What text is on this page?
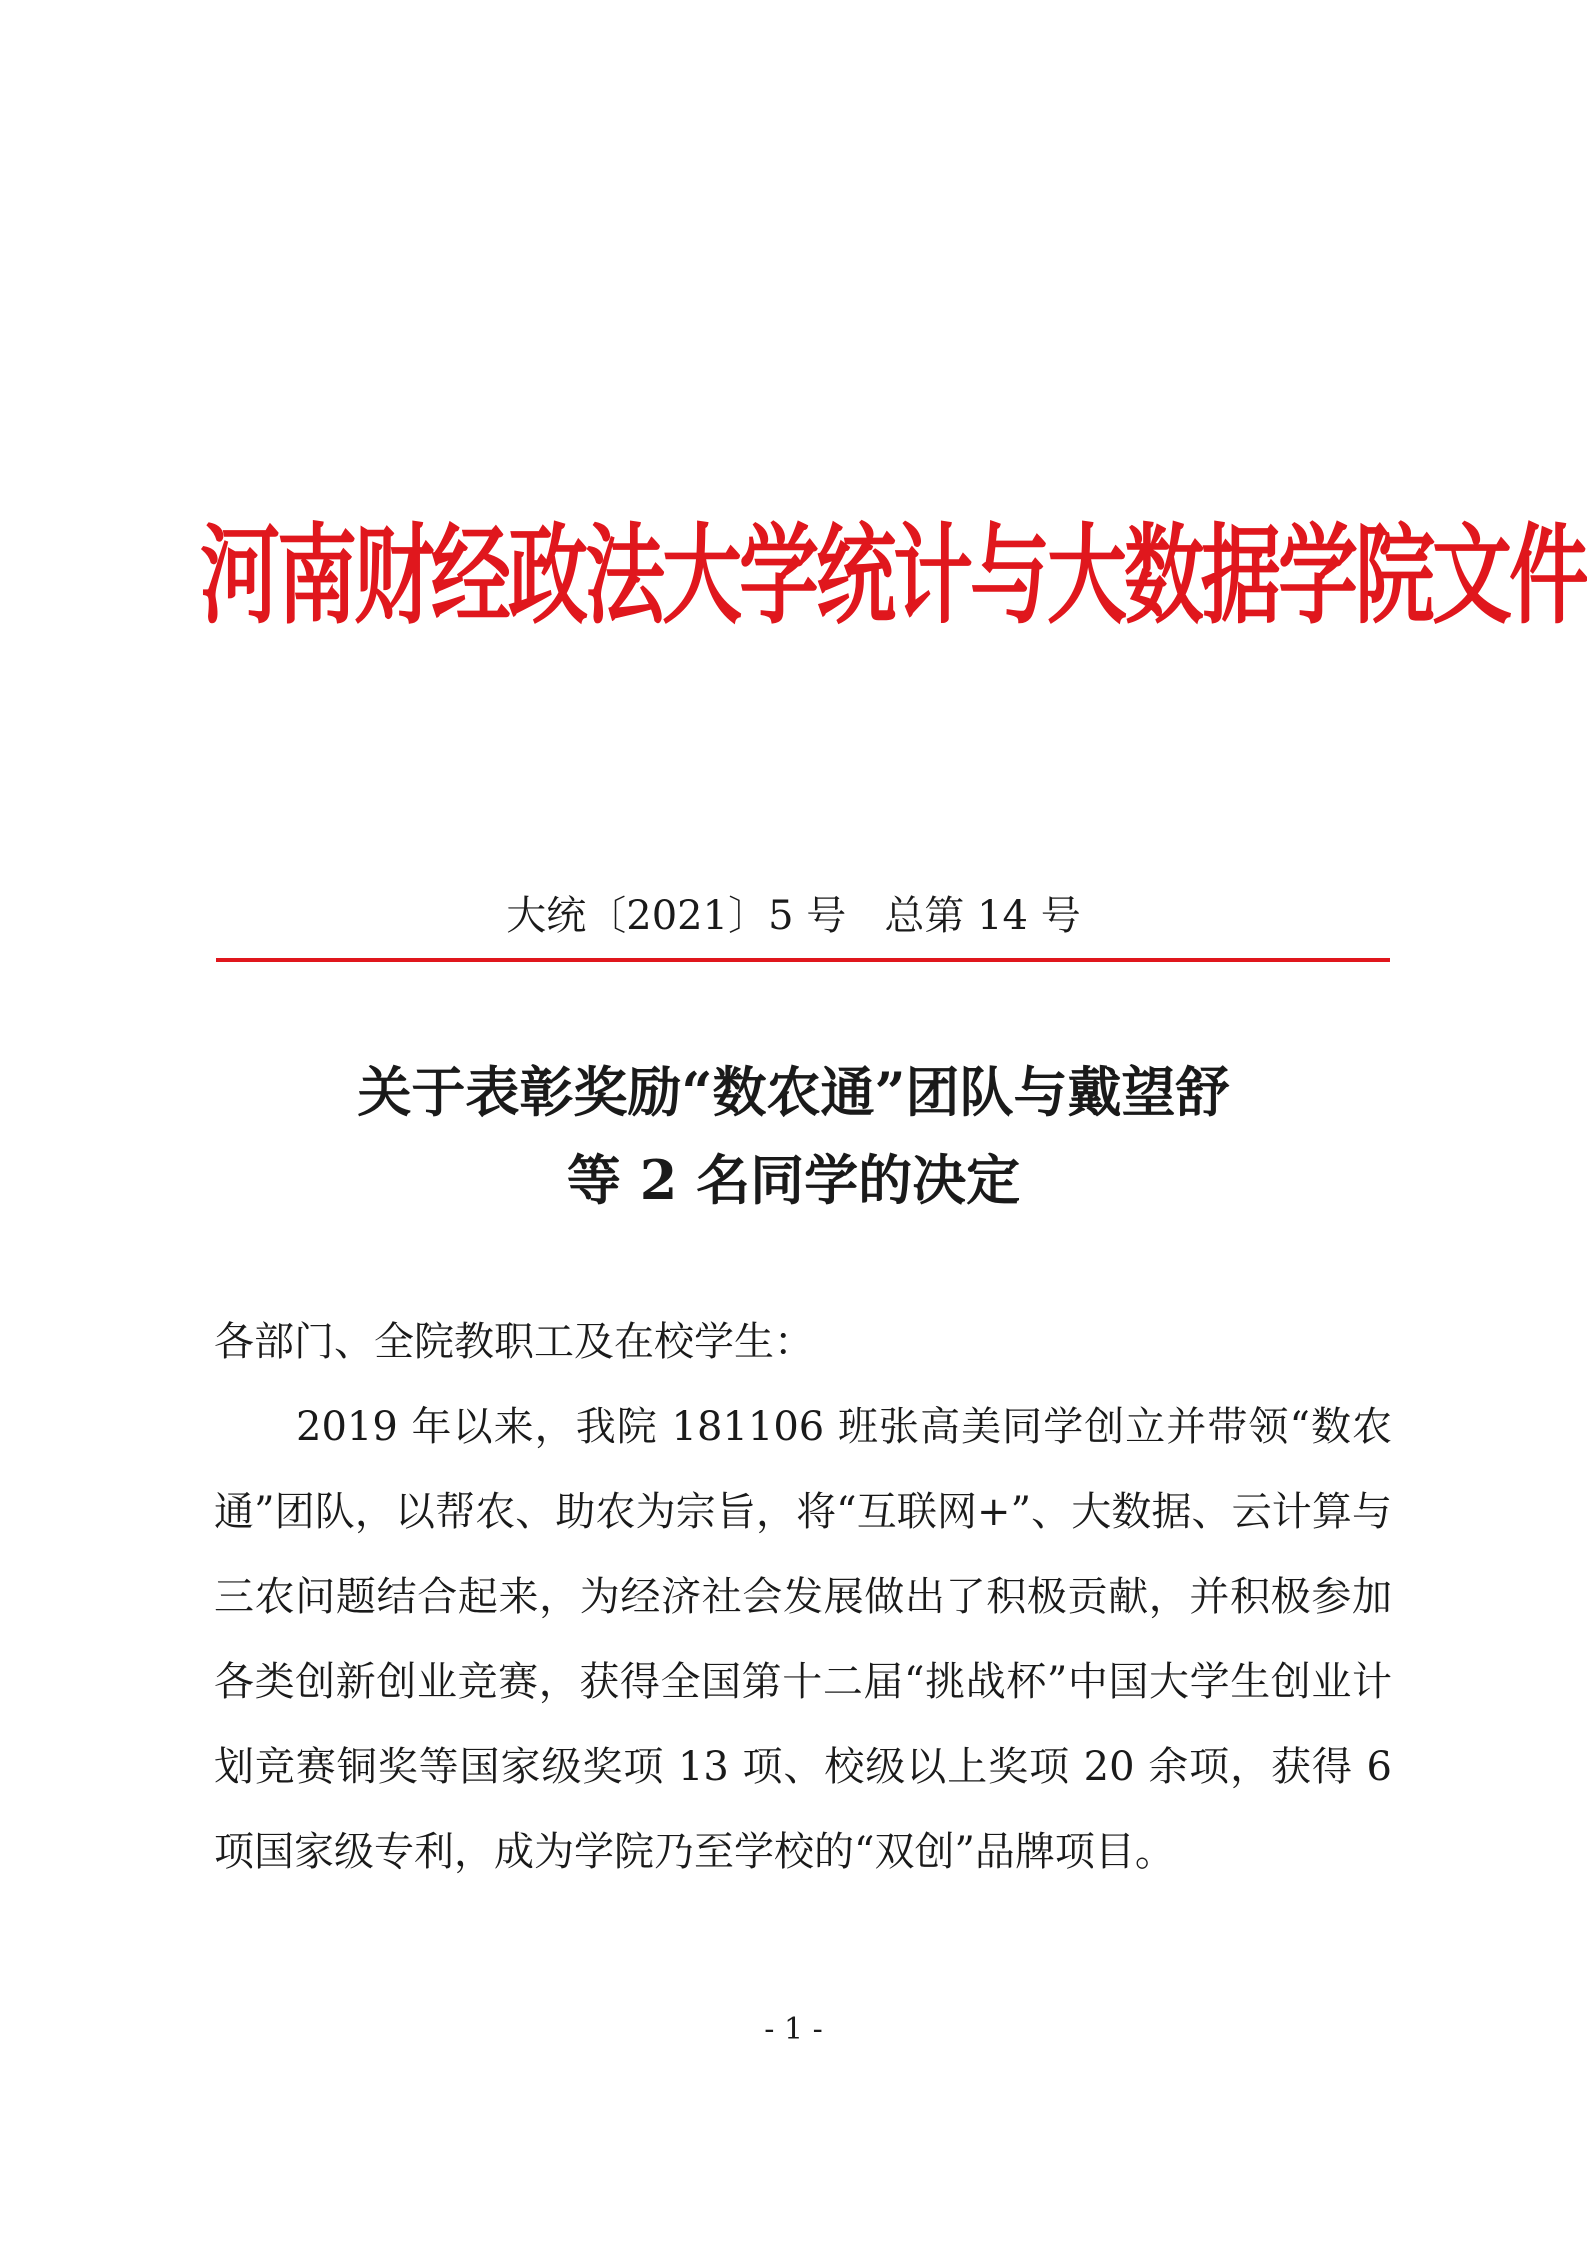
河南财经政法大学统计与大数据学院文件
大统〔2021〕5 号   总第 14 号
关于表彰奖励“数农通”团队与戴望舒
等 2 名同学的决定

各部门、全院教职工及在校学生：

2019 年以来，我院 181106 班张高美同学创立并带领“数农通”团队，以帮农、助农为宗旨，将“互联网+”、大数据、云计算与三农问题结合起来，为经济社会发展做出了积极贡献，并积极参加各类创新创业竞赛，获得全国第十二届“挑战杯”中国大学生创业计划竞赛铜奖等国家级奖项 13 项、校级以上奖项 20 余项，获得 6 项国家级专利，成为学院乃至学校的“双创”品牌项目。

- 1 -
